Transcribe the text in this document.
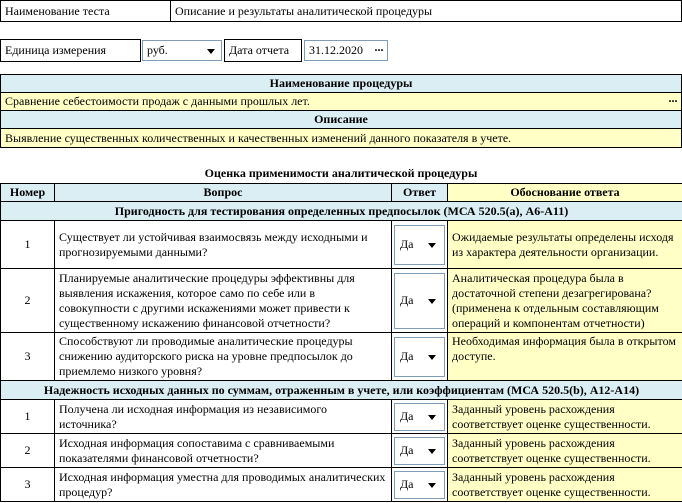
Наименование теста	Описание и результаты аналитической процедуры
Единица измерения	руб.	Дата отчета	31.12.2020 ···
Наименование процедуры
Сравнение себестоимости продаж с данными прошлых лет.	···
Описание
Выявление существенных количественных и качественных изменений данного показателя в учете.
Оценка применимости аналитической процедуры
Номер	Вопрос	Ответ	Обоснование ответа
Пригодность для тестирования определенных предпосылок (МСА 520.5(а), А6-А11)			
1	Существует ли устойчивая взаимосвязь между исходными и прогнозируемыми данными?	Да	Ожидаемые результаты определены исходя из характера деятельности организации.
2	Планируемые аналитические процедуры эффективны для выявления искажения, которое само по себе или в совокупности с другими искажениями может привести к существенному искажению финансовой отчетности?	Да	Аналитическая процедура была в достаточной степени дезагрегирована? (применена к отдельным составляющим операций и компонентам отчетности)
3	Способствуют ли проводимые аналитические процедуры снижению аудиторского риска на уровне предпосылок до приемлемо низкого уровня?	Да	Необходимая информация была в открытом доступе.
Надежность исходных данных по суммам, отраженным в учете, или коэффициентам (МСА 520.5(b), А12-А14)			
1	Получена ли исходная информация из независимого источника?	Да	Заданный уровень расхождения соответствует оценке существенности.
2	Исходная информация сопоставима с сравниваемыми показателями финансовой отчетности?	Да	Заданный уровень расхождения соответствует оценке существенности.
3	Исходная информация уместна для проводимых аналитических процедур?	Да	Заданный уровень расхождения соответствует оценке существенности.
